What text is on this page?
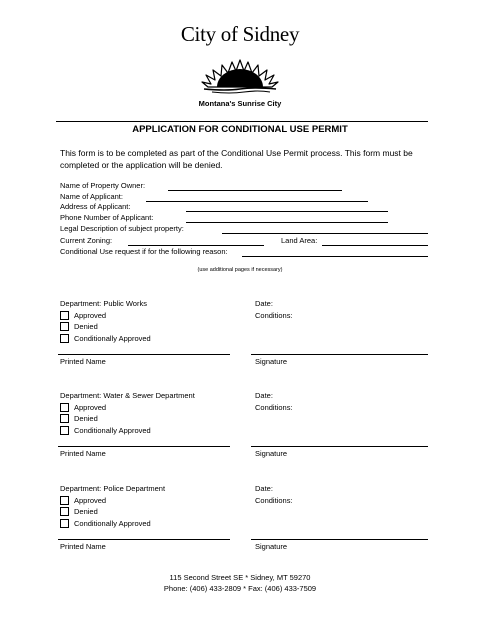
City of Sidney
Montana's Sunrise City
APPLICATION FOR CONDITIONAL USE PERMIT
This form is to be completed as part of the Conditional Use Permit process. This form must be completed or the application will be denied.
Name of Property Owner:
Name of Applicant:
Address of Applicant:
Phone Number of Applicant:
Legal Description of subject property:
Current Zoning:	Land Area:
Conditional Use request if for the following reason:
(use additional pages if necessary)
Department: Public Works
Approved
Denied
Conditionally Approved
Date:
Conditions:
Printed Name	Signature
Department: Water & Sewer Department
Approved
Denied
Conditionally Approved
Date:
Conditions:
Printed Name	Signature
Department: Police Department
Approved
Denied
Conditionally Approved
Date:
Conditions:
Printed Name	Signature
115 Second Street SE * Sidney, MT 59270
Phone: (406) 433-2809 * Fax: (406) 433-7509
